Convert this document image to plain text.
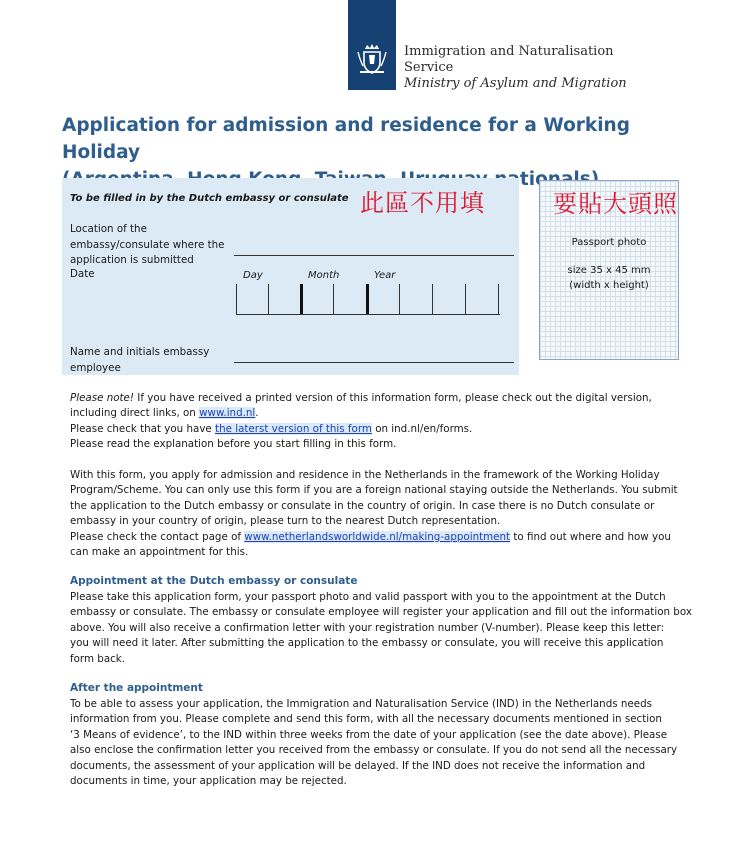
Immigration and Naturalisation
Service
Ministry of Asylum and Migration
Application for admission and residence for a Working Holiday
To be filled in by the Dutch embassy or consulate 此區不用填
Location of the embassy/consulate where the application is submitted
Date	Day	Month	Year
Name and initials embassy employee
要貼大頭照
Passport photo
size 35 x 45 mm
(width x height)
Please note! If you have received a printed version of this information form, please check out the digital version,
including direct links, on www.ind.nl.
Please check that you have the laterst version of this form on ind.nl/en/forms.
Please read the explanation before you start filling in this form.
With this form, you apply for admission and residence in the Netherlands in the framework of the Working Holiday
Program/Scheme. You can only use this form if you are a foreign national staying outside the Netherlands. You submit
the application to the Dutch embassy or consulate in the country of origin. In case there is no Dutch consulate or
embassy in your country of origin, please turn to the nearest Dutch representation.
Please check the contact page of www.netherlandsworldwide.nl/making-appointment to find out where and how you
can make an appointment for this.
Appointment at the Dutch embassy or consulate
Please take this application form, your passport photo and valid passport with you to the appointment at the Dutch
embassy or consulate. The embassy or consulate employee will register your application and fill out the information box
above. You will also receive a confirmation letter with your registration number (V-number). Please keep this letter:
you will need it later. After submitting the application to the embassy or consulate, you will receive this application
form back.
After the appointment
To be able to assess your application, the Immigration and Naturalisation Service (IND) in the Netherlands needs
information from you. Please complete and send this form, with all the necessary documents mentioned in section
‘3 Means of evidence’, to the IND within three weeks from the date of your application (see the date above). Please
also enclose the confirmation letter you received from the embassy or consulate. If you do not send all the necessary
documents, the assessment of your application will be delayed. If the IND does not receive the information and
documents in time, your application may be rejected.
